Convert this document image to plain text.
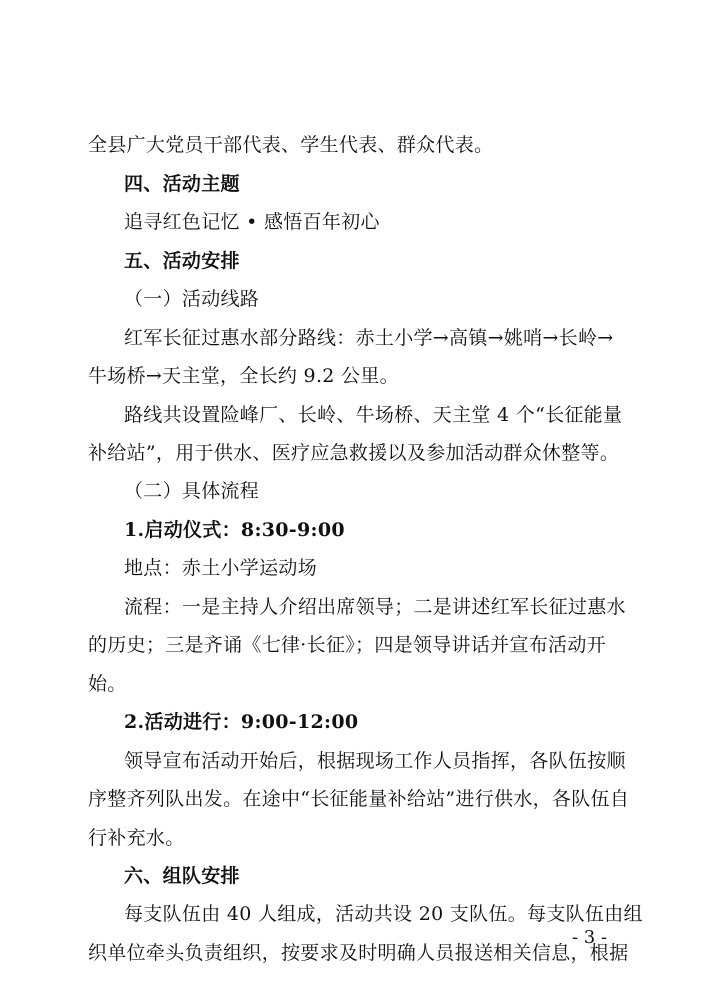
全县广大党员干部代表、学生代表、群众代表。
四、活动主题
追寻红色记忆 • 感悟百年初心
五、活动安排
（一）活动线路
红军长征过惠水部分路线：赤土小学→高镇→姚哨→长岭→
牛场桥→天主堂，全长约 9.2 公里。
路线共设置险峰厂、长岭、牛场桥、天主堂 4 个“长征能量
补给站”，用于供水、医疗应急救援以及参加活动群众休整等。
（二）具体流程
1.启动仪式：8:30-9:00
地点：赤土小学运动场
流程：一是主持人介绍出席领导；二是讲述红军长征过惠水
的历史；三是齐诵《七律·长征》；四是领导讲话并宣布活动开
始。
2.活动进行：9:00-12:00
领导宣布活动开始后，根据现场工作人员指挥，各队伍按顺
序整齐列队出发。在途中“长征能量补给站”进行供水，各队伍自
行补充水。
六、组队安排
每支队伍由 40 人组成，活动共设 20 支队伍。每支队伍由组
织单位牵头负责组织，按要求及时明确人员报送相关信息，根据
- 3 -
